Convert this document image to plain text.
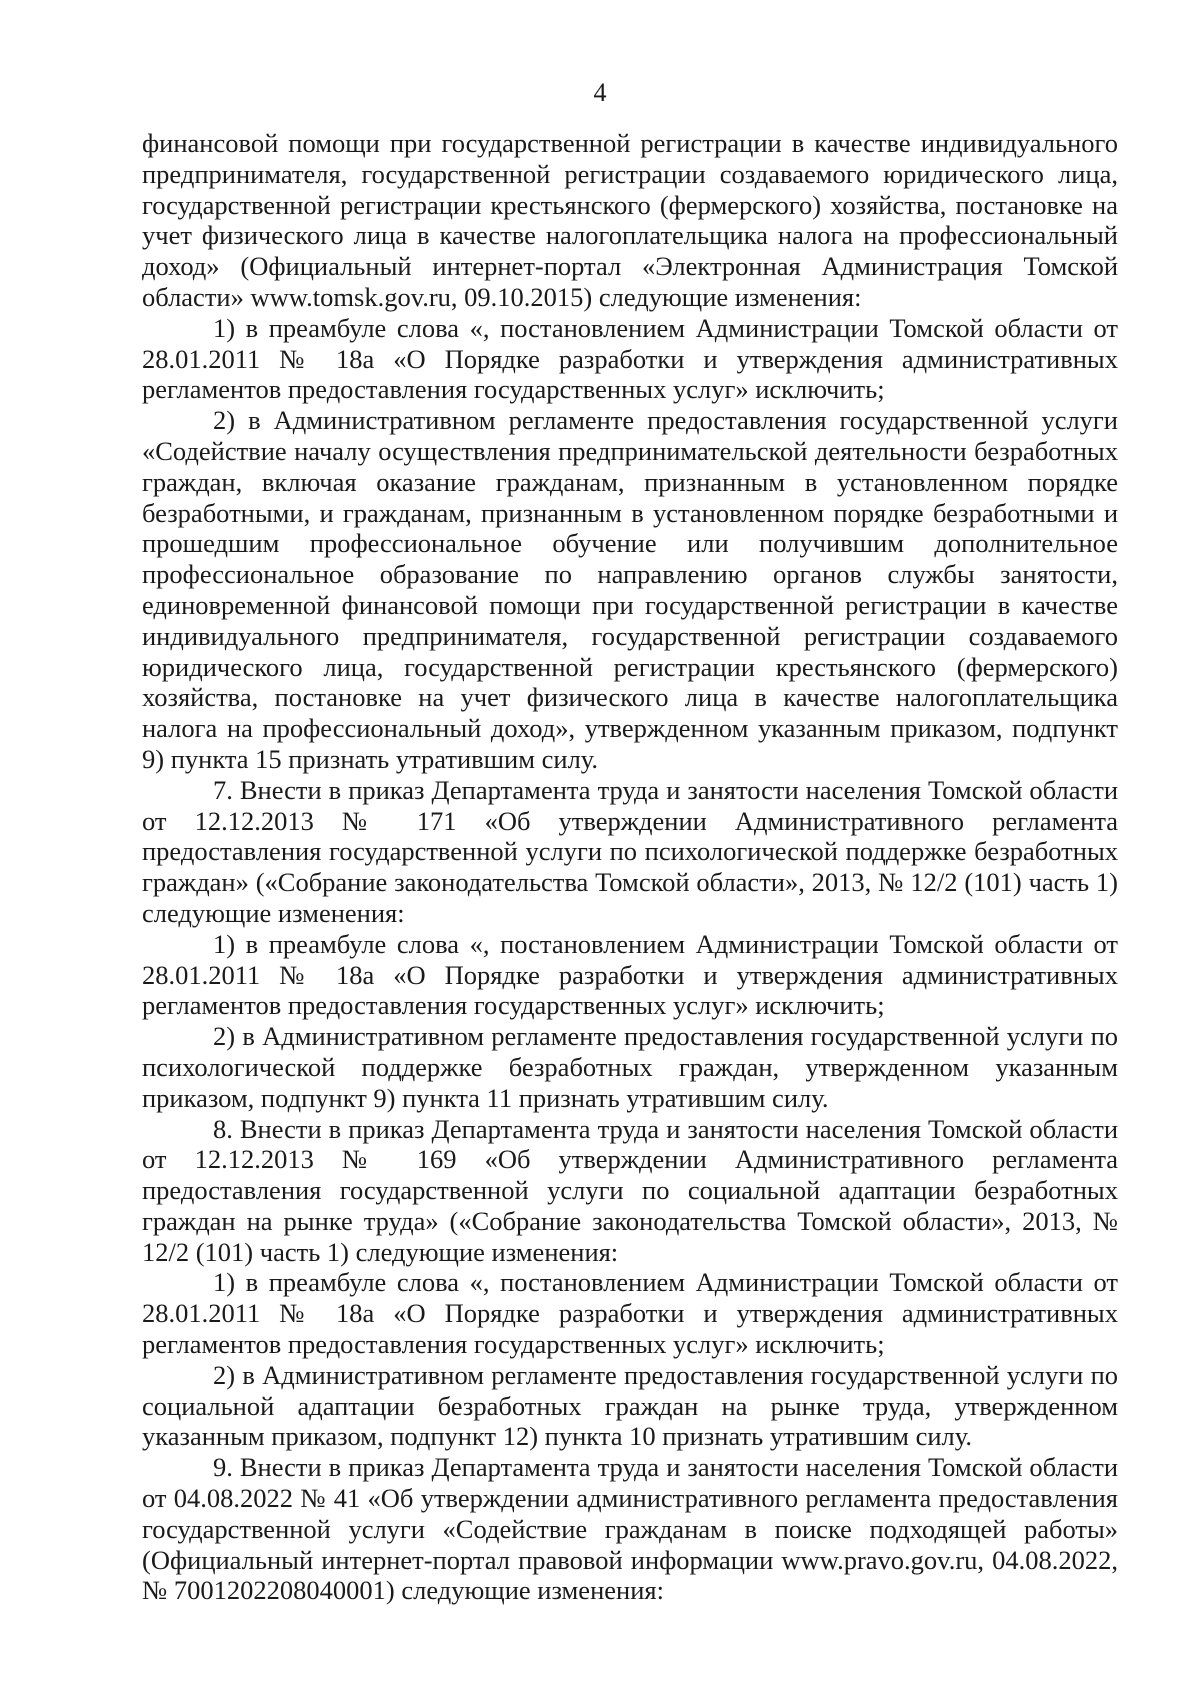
4

финансовой помощи при государственной регистрации в качестве индивидуального предпринимателя, государственной регистрации создаваемого юридического лица, государственной регистрации крестьянского (фермерского) хозяйства, постановке на учет физического лица в качестве налогоплательщика налога на профессиональный доход» (Официальный интернет-портал «Электронная Администрация Томской области» www.tomsk.gov.ru, 09.10.2015) следующие изменения:

1) в преамбуле слова «, постановлением Администрации Томской области от 28.01.2011 № 18а «О Порядке разработки и утверждения административных регламентов предоставления государственных услуг» исключить;

2) в Административном регламенте предоставления государственной услуги «Содействие началу осуществления предпринимательской деятельности безработных граждан, включая оказание гражданам, признанным в установленном порядке безработными, и гражданам, признанным в установленном порядке безработными и прошедшим профессиональное обучение или получившим дополнительное профессиональное образование по направлению органов службы занятости, единовременной финансовой помощи при государственной регистрации в качестве индивидуального предпринимателя, государственной регистрации создаваемого юридического лица, государственной регистрации крестьянского (фермерского) хозяйства, постановке на учет физического лица в качестве налогоплательщика налога на профессиональный доход», утвержденном указанным приказом, подпункт 9) пункта 15 признать утратившим силу.

7. Внести в приказ Департамента труда и занятости населения Томской области от 12.12.2013 № 171 «Об утверждении Административного регламента предоставления государственной услуги по психологической поддержке безработных граждан» («Собрание законодательства Томской области», 2013, № 12/2 (101) часть 1) следующие изменения:

1) в преамбуле слова «, постановлением Администрации Томской области от 28.01.2011 № 18а «О Порядке разработки и утверждения административных регламентов предоставления государственных услуг» исключить;

2) в Административном регламенте предоставления государственной услуги по психологической поддержке безработных граждан, утвержденном указанным приказом, подпункт 9) пункта 11 признать утратившим силу.

8. Внести в приказ Департамента труда и занятости населения Томской области от 12.12.2013 № 169 «Об утверждении Административного регламента предоставления государственной услуги по социальной адаптации безработных граждан на рынке труда» («Собрание законодательства Томской области», 2013, № 12/2 (101) часть 1) следующие изменения:

1) в преамбуле слова «, постановлением Администрации Томской области от 28.01.2011 № 18а «О Порядке разработки и утверждения административных регламентов предоставления государственных услуг» исключить;

2) в Административном регламенте предоставления государственной услуги по социальной адаптации безработных граждан на рынке труда, утвержденном указанным приказом, подпункт 12) пункта 10 признать утратившим силу.

9. Внести в приказ Департамента труда и занятости населения Томской области от 04.08.2022 № 41 «Об утверждении административного регламента предоставления государственной услуги «Содействие гражданам в поиске подходящей работы» (Официальный интернет-портал правовой информации www.pravo.gov.ru, 04.08.2022, № 7001202208040001) следующие изменения:
